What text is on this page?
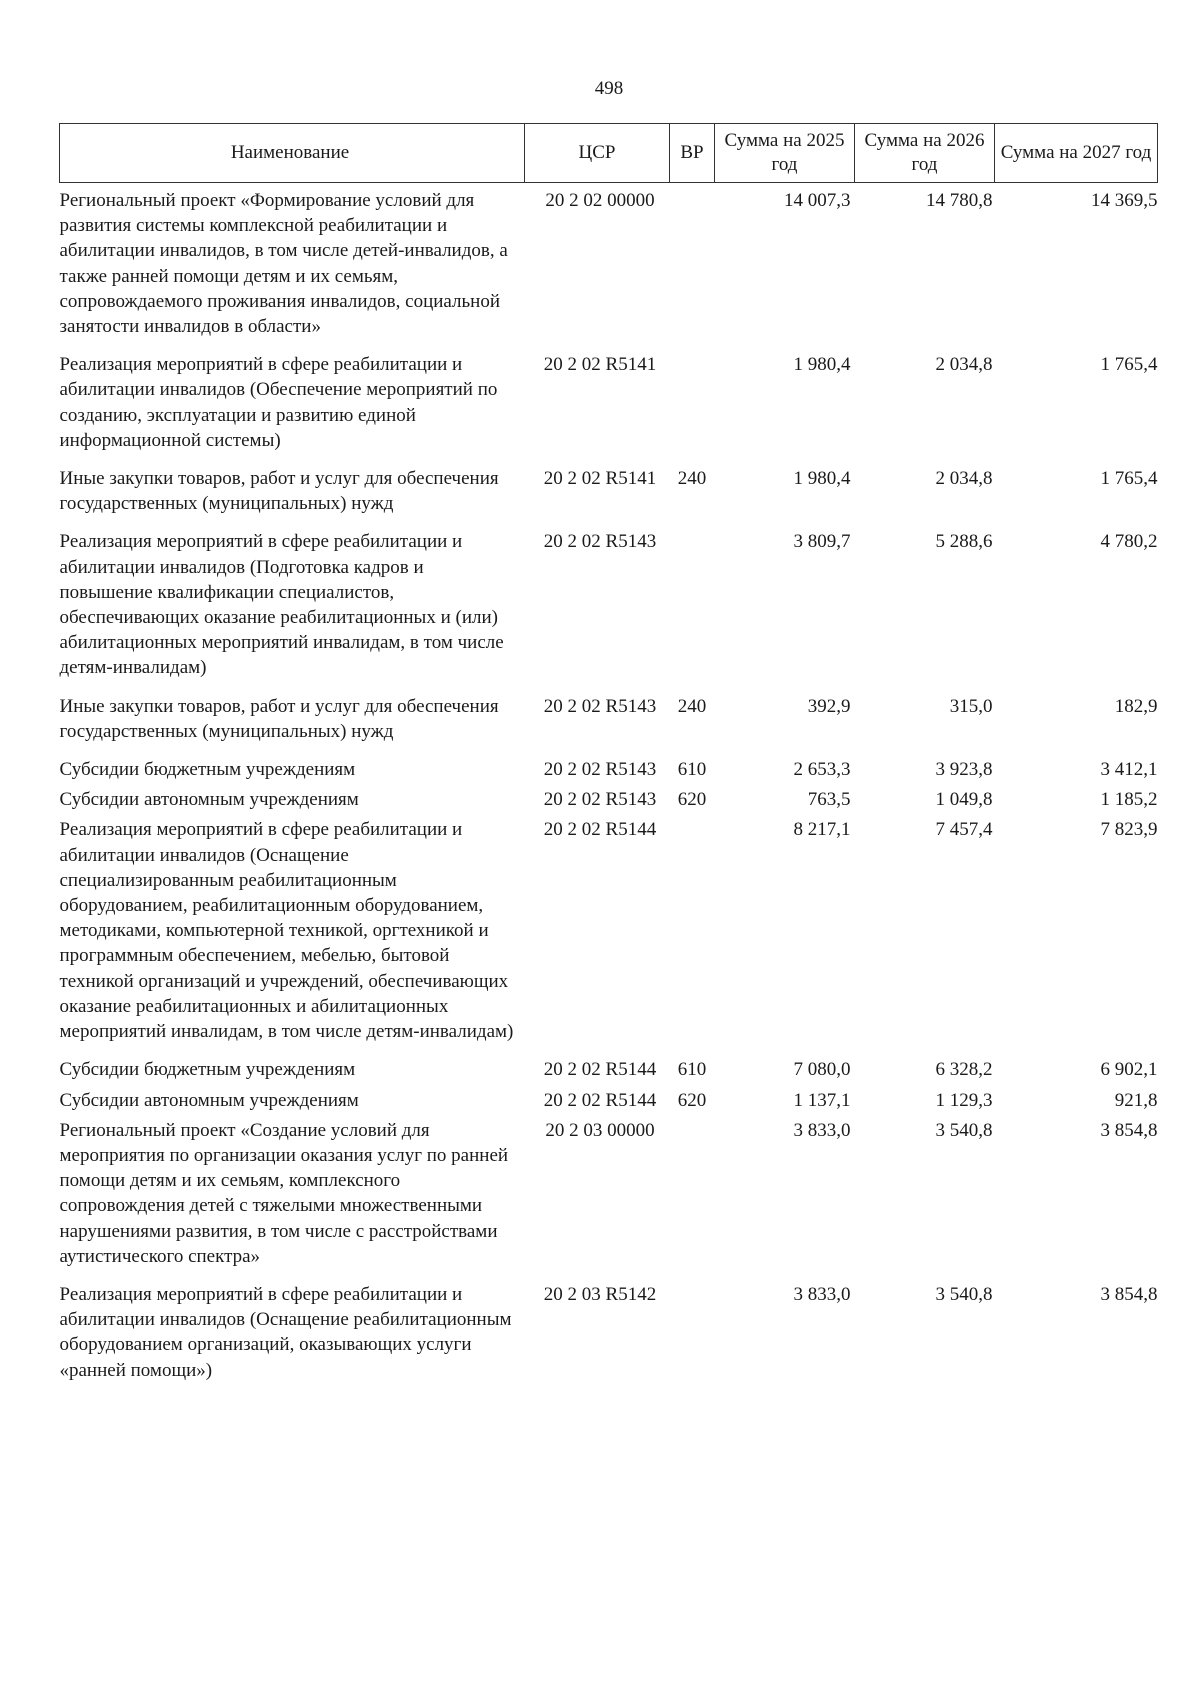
498
Наименование	ЦСР	ВР	Сумма на 2025 год	Сумма на 2026 год	Сумма на 2027 год
Региональный проект «Формирование условий для развития системы комплексной реабилитации и абилитации инвалидов, в том числе детей-инвалидов, а также ранней помощи детям и их семьям, сопровождаемого проживания инвалидов, социальной занятости инвалидов в области»	20 2 02 00000		14 007,3	14 780,8	14 369,5
Реализация мероприятий в сфере реабилитации и абилитации инвалидов (Обеспечение мероприятий по созданию, эксплуатации и развитию единой информационной системы)	20 2 02 R5141		1 980,4	2 034,8	1 765,4
Иные закупки товаров, работ и услуг для обеспечения государственных (муниципальных) нужд	20 2 02 R5141	240	1 980,4	2 034,8	1 765,4
Реализация мероприятий в сфере реабилитации и абилитации инвалидов (Подготовка кадров и повышение квалификации специалистов, обеспечивающих оказание реабилитационных и (или) абилитационных мероприятий инвалидам, в том числе детям-инвалидам)	20 2 02 R5143		3 809,7	5 288,6	4 780,2
Иные закупки товаров, работ и услуг для обеспечения государственных (муниципальных) нужд	20 2 02 R5143	240	392,9	315,0	182,9
Субсидии бюджетным учреждениям	20 2 02 R5143	610	2 653,3	3 923,8	3 412,1
Субсидии автономным учреждениям	20 2 02 R5143	620	763,5	1 049,8	1 185,2
Реализация мероприятий в сфере реабилитации и абилитации инвалидов (Оснащение специализированным реабилитационным оборудованием, реабилитационным оборудованием, методиками, компьютерной техникой, оргтехникой и программным обеспечением, мебелью, бытовой техникой организаций и учреждений, обеспечивающих оказание реабилитационных и абилитационных мероприятий инвалидам, в том числе детям-инвалидам)	20 2 02 R5144		8 217,1	7 457,4	7 823,9
Субсидии бюджетным учреждениям	20 2 02 R5144	610	7 080,0	6 328,2	6 902,1
Субсидии автономным учреждениям	20 2 02 R5144	620	1 137,1	1 129,3	921,8
Региональный проект «Создание условий для мероприятия по организации оказания услуг по ранней помощи детям и их семьям, комплексного сопровождения детей с тяжелыми множественными нарушениями развития, в том числе с расстройствами аутистического спектра»	20 2 03 00000		3 833,0	3 540,8	3 854,8
Реализация мероприятий в сфере реабилитации и абилитации инвалидов (Оснащение реабилитационным оборудованием организаций, оказывающих услуги «ранней помощи»)	20 2 03 R5142		3 833,0	3 540,8	3 854,8
